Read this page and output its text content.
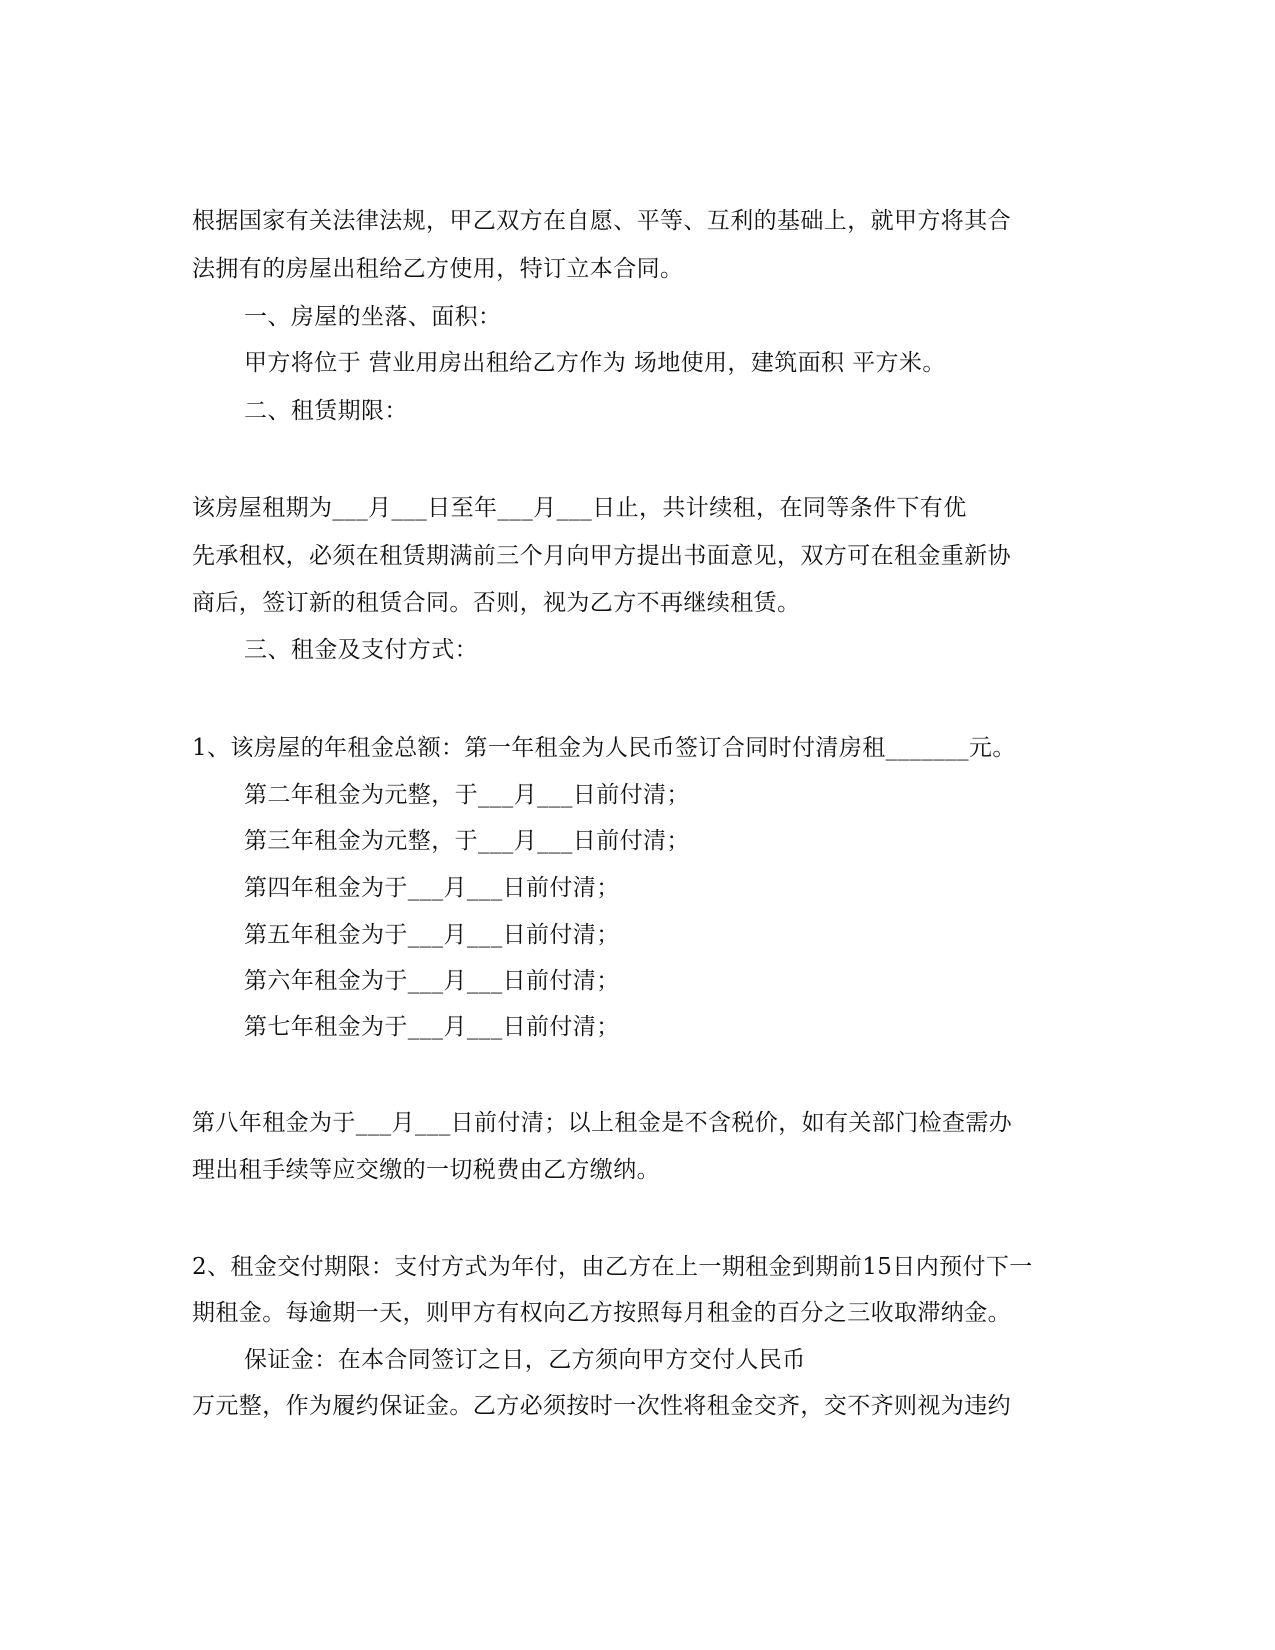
根据国家有关法律法规，甲乙双方在自愿、平等、互利的基础上，就甲方将其合
法拥有的房屋出租给乙方使用，特订立本合同。
一、房屋的坐落、面积：
甲方将位于 营业用房出租给乙方作为 场地使用，建筑面积 平方米。
二、租赁期限：
该房屋租期为___月___日至年___月___日止，共计续租，在同等条件下有优
先承租权，必须在租赁期满前三个月向甲方提出书面意见，双方可在租金重新协
商后，签订新的租赁合同。否则，视为乙方不再继续租赁。
三、租金及支付方式：
1、该房屋的年租金总额：第一年租金为人民币签订合同时付清房租_______元。
第二年租金为元整，于___月___日前付清；
第三年租金为元整，于___月___日前付清；
第四年租金为于___月___日前付清；
第五年租金为于___月___日前付清；
第六年租金为于___月___日前付清；
第七年租金为于___月___日前付清；
第八年租金为于___月___日前付清；以上租金是不含税价，如有关部门检查需办
理出租手续等应交缴的一切税费由乙方缴纳。
2、租金交付期限：支付方式为年付，由乙方在上一期租金到期前15日内预付下一
期租金。每逾期一天，则甲方有权向乙方按照每月租金的百分之三收取滞纳金。
保证金：在本合同签订之日，乙方须向甲方交付人民币
万元整，作为履约保证金。乙方必须按时一次性将租金交齐，交不齐则视为违约
